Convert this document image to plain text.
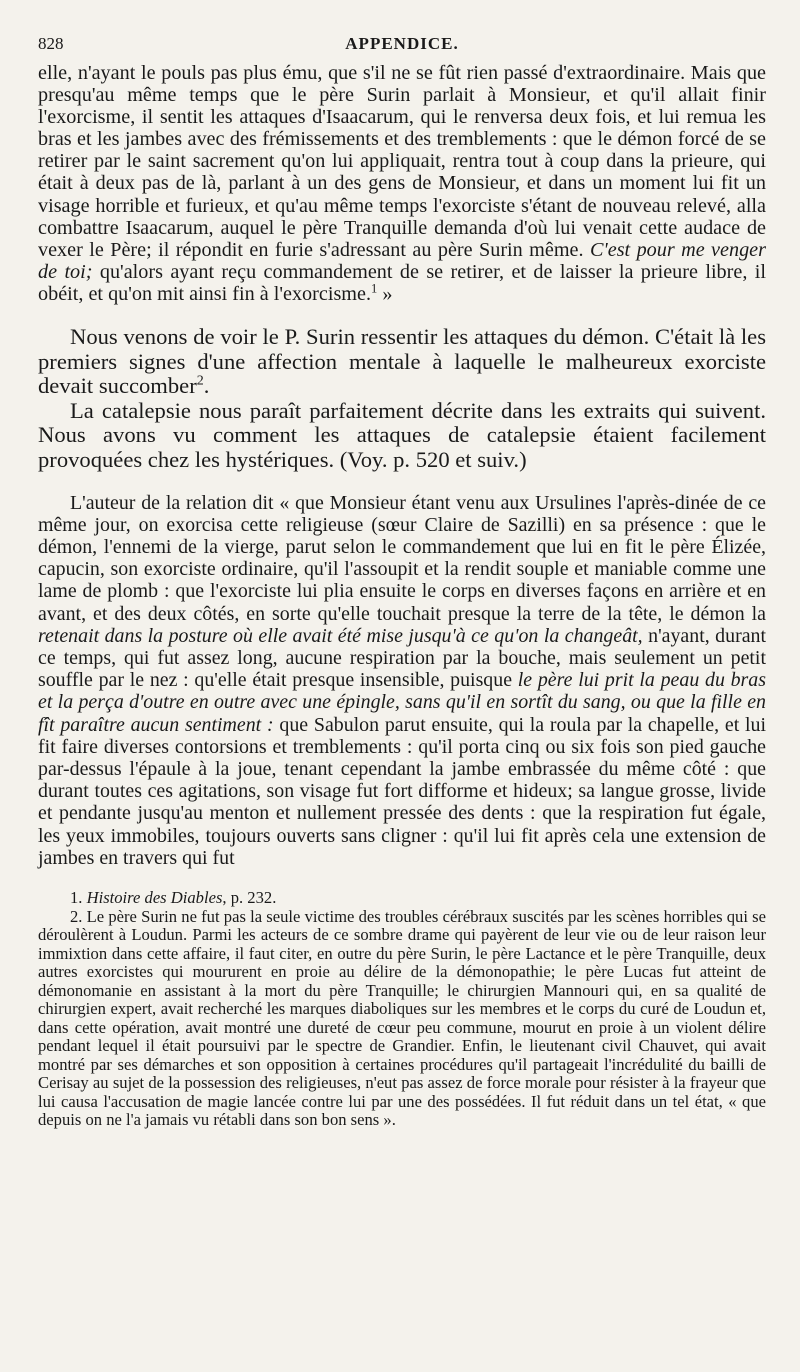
828	APPENDICE.

elle, n'ayant le pouls pas plus ému, que s'il ne se fût rien passé d'extraordinaire. Mais que presqu'au même temps que le père Surin parlait à Monsieur, et qu'il allait finir l'exorcisme, il sentit les attaques d'Isaacarum, qui le renversa deux fois, et lui remua les bras et les jambes avec des frémissements et des tremblements : que le démon forcé de se retirer par le saint sacrement qu'on lui appliquait, rentra tout à coup dans la prieure, qui était à deux pas de là, parlant à un des gens de Monsieur, et dans un moment lui fit un visage horrible et furieux, et qu'au même temps l'exorciste s'étant de nouveau relevé, alla combattre Isaacarum, auquel le père Tranquille demanda d'où lui venait cette audace de vexer le Père; il répondit en furie s'adressant au père Surin même. C'est pour me venger de toi; qu'alors ayant reçu commandement de se retirer, et de laisser la prieure libre, il obéit, et qu'on mit ainsi fin à l'exorcisme.$^1$ »

Nous venons de voir le P. Surin ressentir les attaques du démon. C'était là les premiers signes d'une affection mentale à laquelle le malheureux exorciste devait succomber$^2$.

La catalepsie nous paraît parfaitement décrite dans les extraits qui suivent. Nous avons vu comment les attaques de catalepsie étaient facilement provoquées chez les hystériques. (Voy. p. 520 et suiv.)

L'auteur de la relation dit « que Monsieur étant venu aux Ursulines l'après-dinée de ce même jour, on exorcisa cette religieuse (sœur Claire de Sazilli) en sa présence : que le démon, l'ennemi de la vierge, parut selon le commandement que lui en fit le père Élizée, capucin, son exorciste ordinaire, qu'il l'assoupit et la rendit souple et maniable comme une lame de plomb : que l'exorciste lui plia ensuite le corps en diverses façons en arrière et en avant, et des deux côtés, en sorte qu'elle touchait presque la terre de la tête, le démon la retenait dans la posture où elle avait été mise jusqu'à ce qu'on la changeât, n'ayant, durant ce temps, qui fut assez long, aucune respiration par la bouche, mais seulement un petit souffle par le nez : qu'elle était presque insensible, puisque le père lui prit la peau du bras et la perça d'outre en outre avec une épingle, sans qu'il en sortît du sang, ou que la fille en fît paraître aucun sentiment : que Sabulon parut ensuite, qui la roula par la chapelle, et lui fit faire diverses contorsions et tremblements : qu'il porta cinq ou six fois son pied gauche par-dessus l'épaule à la joue, tenant cependant la jambe embrassée du même côté : que durant toutes ces agitations, son visage fut fort difforme et hideux; sa langue grosse, livide et pendante jusqu'au menton et nullement pressée des dents : que la respiration fut égale, les yeux immobiles, toujours ouverts sans cligner : qu'il lui fit après cela une extension de jambes en travers qui fut

1. Histoire des Diables, p. 232.

2. Le père Surin ne fut pas la seule victime des troubles cérébraux suscités par les scènes horribles qui se déroulèrent à Loudun. Parmi les acteurs de ce sombre drame qui payèrent de leur vie ou de leur raison leur immixtion dans cette affaire, il faut citer, en outre du père Surin, le père Lactance et le père Tranquille, deux autres exorcistes qui moururent en proie au délire de la démonopathie; le père Lucas fut atteint de démonomanie en assistant à la mort du père Tranquille; le chirurgien Mannouri qui, en sa qualité de chirurgien expert, avait recherché les marques diaboliques sur les membres et le corps du curé de Loudun et, dans cette opération, avait montré une dureté de cœur peu commune, mourut en proie à un violent délire pendant lequel il était poursuivi par le spectre de Grandier. Enfin, le lieutenant civil Chauvet, qui avait montré par ses démarches et son opposition à certaines procédures qu'il partageait l'incrédulité du bailli de Cerisay au sujet de la possession des religieuses, n'eut pas assez de force morale pour résister à la frayeur que lui causa l'accusation de magie lancée contre lui par une des possédées. Il fut réduit dans un tel état, « que depuis on ne l'a jamais vu rétabli dans son bon sens ».
